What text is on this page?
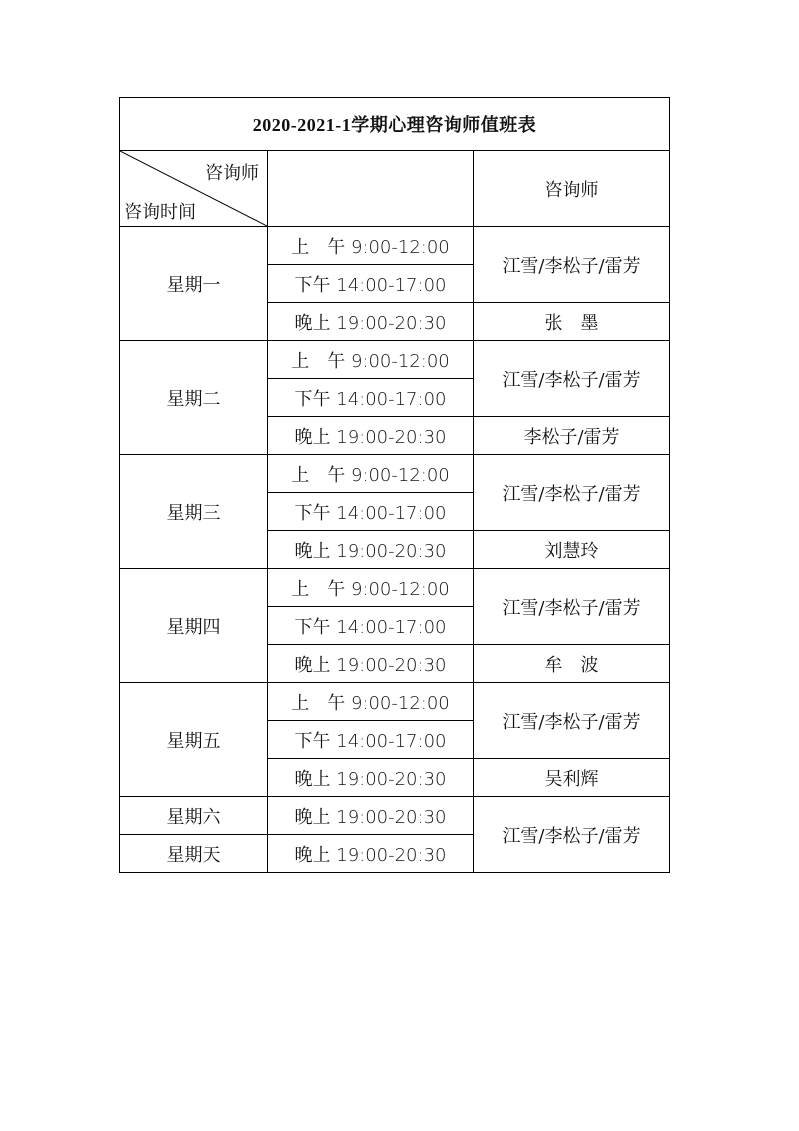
2020-2021-1学期心理咨询师值班表		

咨询师
咨询时间		咨询师
星期一	上　午 9:00-12:00	江雪/李松子/雷芳
	下午 14:00-17:00	
	晚上 19:00-20:30	张　墨
星期二	上　午 9:00-12:00	江雪/李松子/雷芳
	下午 14:00-17:00	
	晚上 19:00-20:30	李松子/雷芳
星期三	上　午 9:00-12:00	江雪/李松子/雷芳
	下午 14:00-17:00	
	晚上 19:00-20:30	刘慧玲
星期四	上　午 9:00-12:00	江雪/李松子/雷芳
	下午 14:00-17:00	
	晚上 19:00-20:30	牟　波
星期五	上　午 9:00-12:00	江雪/李松子/雷芳
	下午 14:00-17:00	
	晚上 19:00-20:30	吴利辉
星期六	晚上 19:00-20:30	江雪/李松子/雷芳
星期天	晚上 19:00-20:30	
